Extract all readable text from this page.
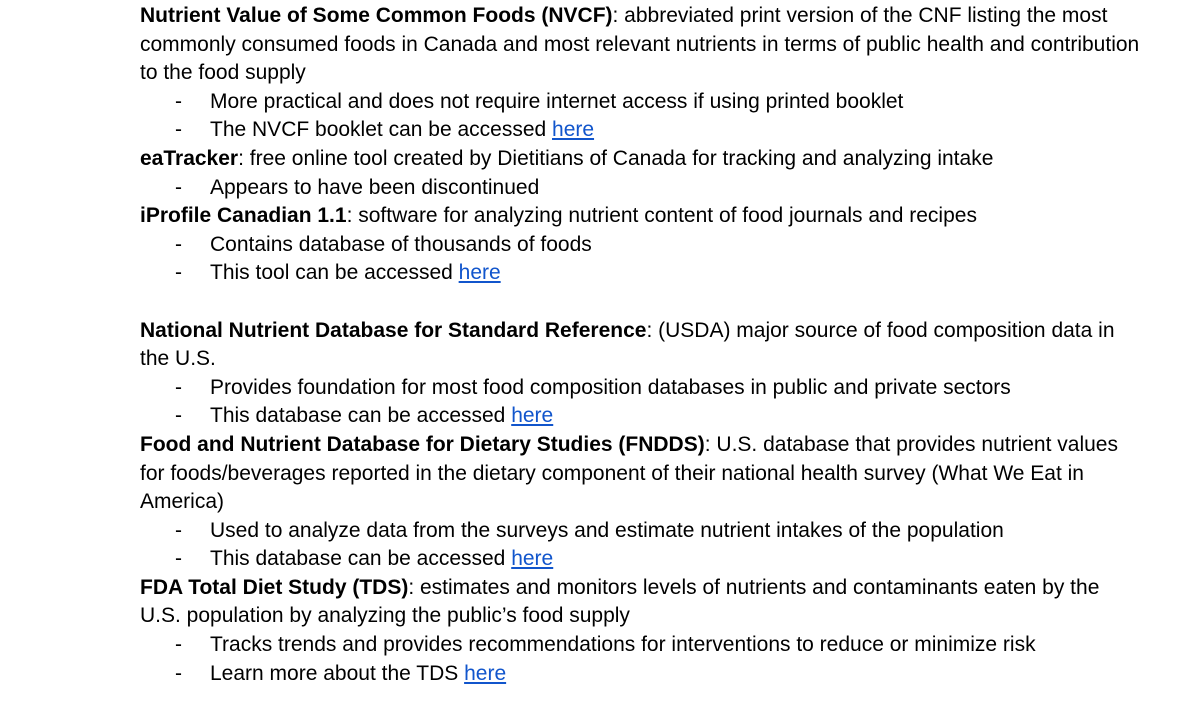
Nutrient Value of Some Common Foods (NVCF): abbreviated print version of the CNF listing the most commonly consumed foods in Canada and most relevant nutrients in terms of public health and contribution to the food supply

- More practical and does not require internet access if using printed booklet
- The NVCF booklet can be accessed here

eaTracker: free online tool created by Dietitians of Canada for tracking and analyzing intake

- Appears to have been discontinued

iProfile Canadian 1.1: software for analyzing nutrient content of food journals and recipes

- Contains database of thousands of foods
- This tool can be accessed here

National Nutrient Database for Standard Reference: (USDA) major source of food composition data in the U.S.

- Provides foundation for most food composition databases in public and private sectors
- This database can be accessed here

Food and Nutrient Database for Dietary Studies (FNDDS): U.S. database that provides nutrient values for foods/beverages reported in the dietary component of their national health survey (What We Eat in America)

- Used to analyze data from the surveys and estimate nutrient intakes of the population
- This database can be accessed here

FDA Total Diet Study (TDS): estimates and monitors levels of nutrients and contaminants eaten by the U.S. population by analyzing the public’s food supply

- Tracks trends and provides recommendations for interventions to reduce or minimize risk
- Learn more about the TDS here
